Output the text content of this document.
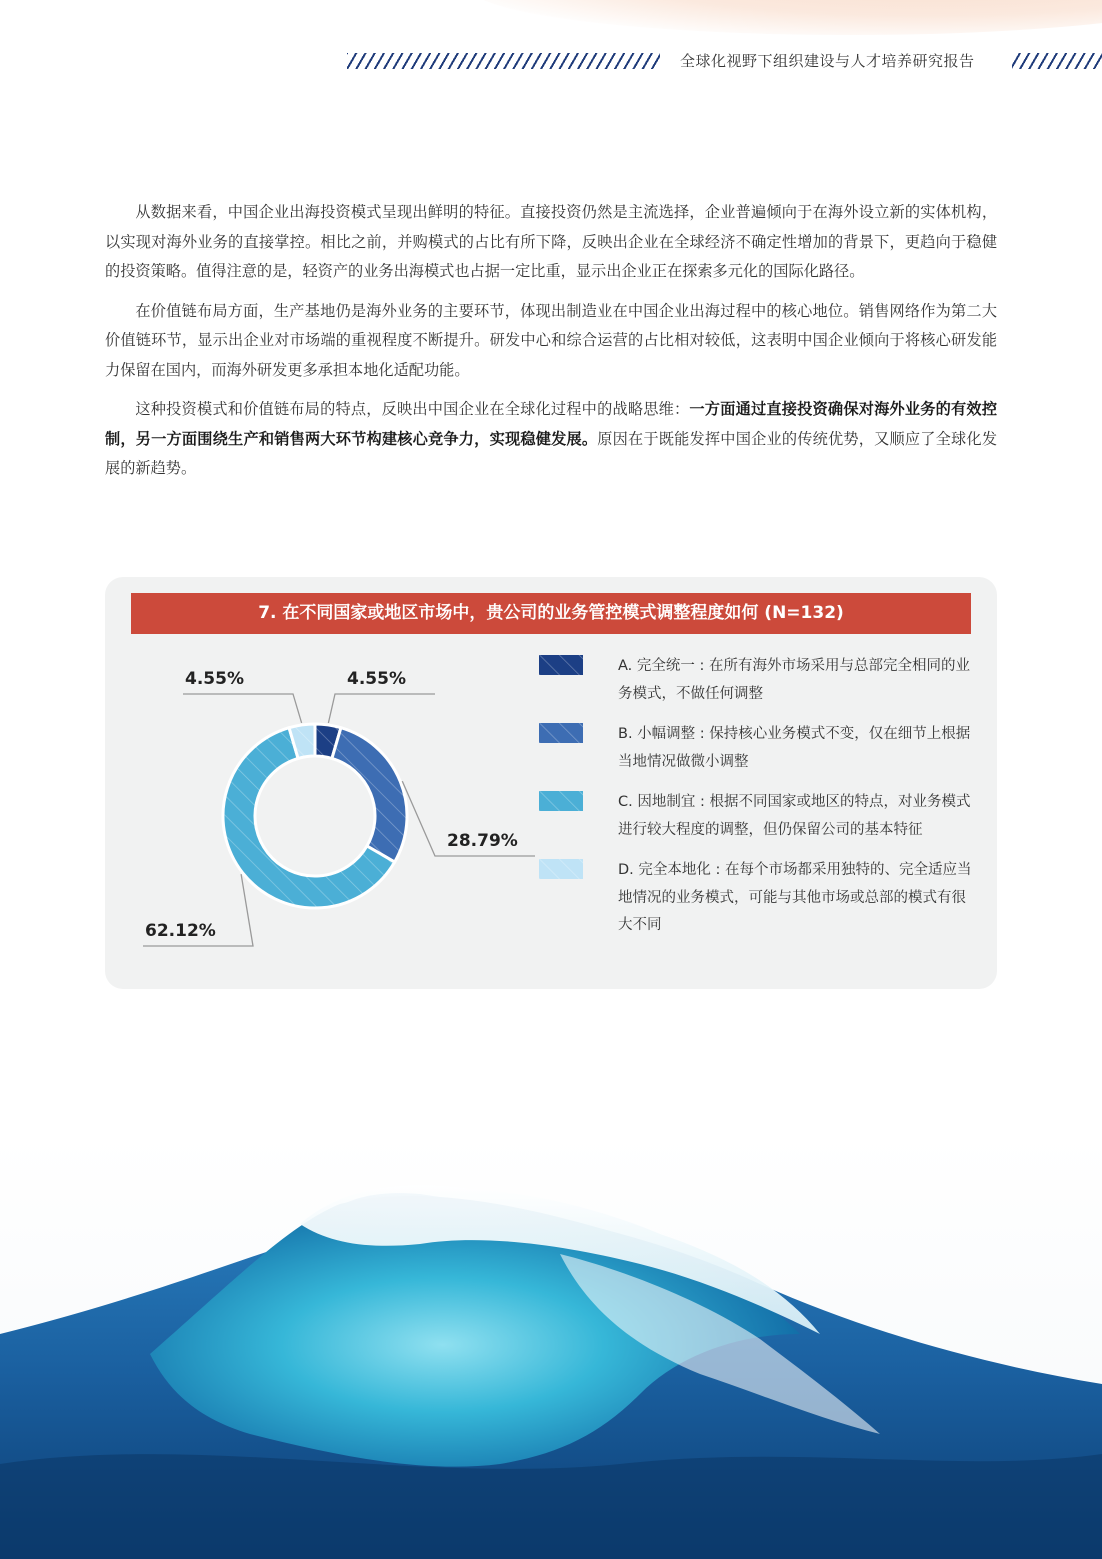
全球化视野下组织建设与人才培养研究报告

从数据来看，中国企业出海投资模式呈现出鲜明的特征。直接投资仍然是主流选择，企业普遍倾向于在海外设立新的实体机构，以实现对海外业务的直接掌控。相比之前，并购模式的占比有所下降，反映出企业在全球经济不确定性增加的背景下，更趋向于稳健的投资策略。值得注意的是，轻资产的业务出海模式也占据一定比重，显示出企业正在探索多元化的国际化路径。

在价值链布局方面，生产基地仍是海外业务的主要环节，体现出制造业在中国企业出海过程中的核心地位。销售网络作为第二大价值链环节，显示出企业对市场端的重视程度不断提升。研发中心和综合运营的占比相对较低，这表明中国企业倾向于将核心研发能力保留在国内，而海外研发更多承担本地化适配功能。

这种投资模式和价值链布局的特点，反映出中国企业在全球化过程中的战略思维：一方面通过直接投资确保对海外业务的有效控制，另一方面围绕生产和销售两大环节构建核心竞争力，实现稳健发展。原因在于既能发挥中国企业的传统优势，又顺应了全球化发展的新趋势。

7. 在不同国家或地区市场中，贵公司的业务管控模式调整程度如何 (N=132)
4.55%
28.79%
62.12%
4.55%
A. 完全统一 : 在所有海外市场采用与总部完全相同的业务模式，不做任何调整
B. 小幅调整 : 保持核心业务模式不变，仅在细节上根据当地情况做微小调整
C. 因地制宜 : 根据不同国家或地区的特点，对业务模式进行较大程度的调整，但仍保留公司的基本特征
D. 完全本地化 : 在每个市场都采用独特的、完全适应当地情况的业务模式，可能与其他市场或总部的模式有很大不同
